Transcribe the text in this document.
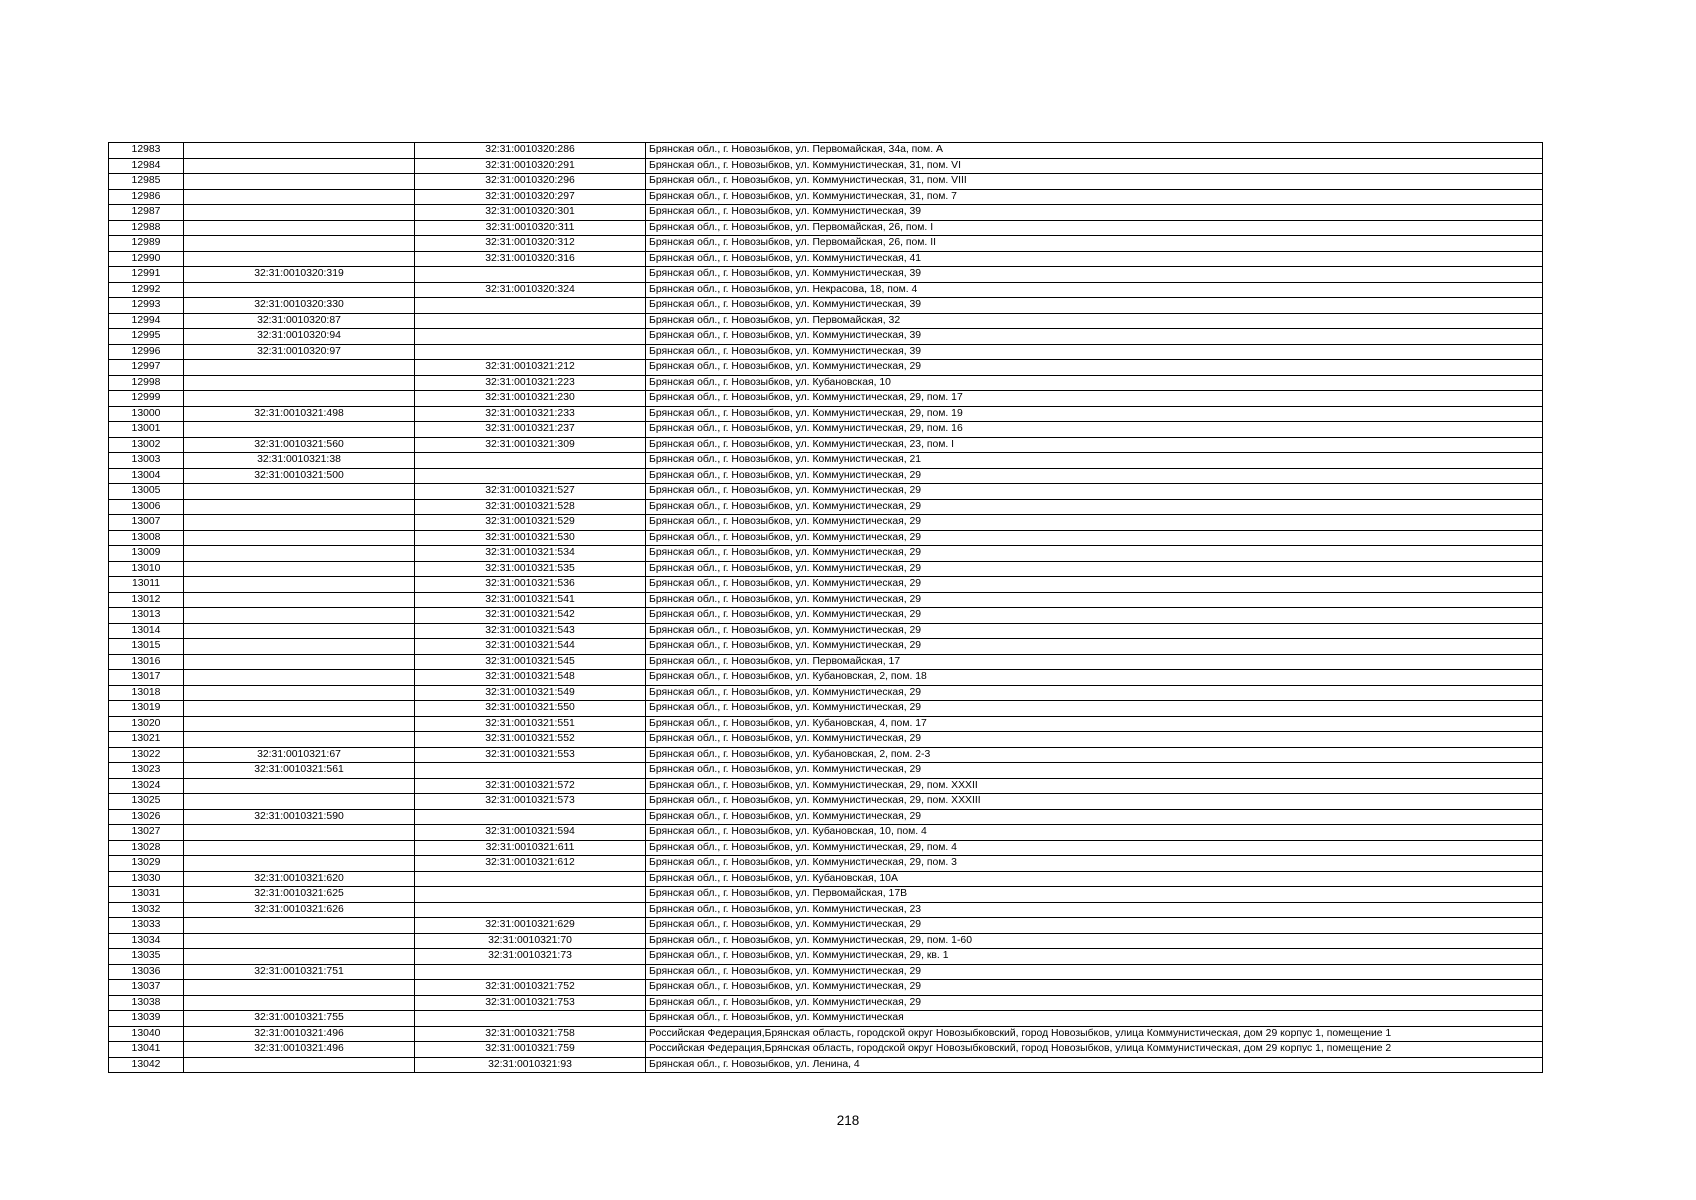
12983		32:31:0010320:286	Брянская обл., г. Новозыбков, ул. Первомайская, 34а, пом. А
12984		32:31:0010320:291	Брянская обл., г. Новозыбков, ул. Коммунистическая, 31, пом. VI
12985		32:31:0010320:296	Брянская обл., г. Новозыбков, ул. Коммунистическая, 31, пом. VIII
12986		32:31:0010320:297	Брянская обл., г. Новозыбков, ул. Коммунистическая, 31, пом. 7
12987		32:31:0010320:301	Брянская обл., г. Новозыбков, ул. Коммунистическая, 39
12988		32:31:0010320:311	Брянская обл., г. Новозыбков, ул. Первомайская, 26, пом. I
12989		32:31:0010320:312	Брянская обл., г. Новозыбков, ул. Первомайская, 26, пом. II
12990		32:31:0010320:316	Брянская обл., г. Новозыбков, ул. Коммунистическая, 41
12991	32:31:0010320:319		Брянская обл., г. Новозыбков, ул. Коммунистическая, 39
12992		32:31:0010320:324	Брянская обл., г. Новозыбков, ул. Некрасова, 18, пом. 4
12993	32:31:0010320:330		Брянская обл., г. Новозыбков, ул. Коммунистическая, 39
12994	32:31:0010320:87		Брянская обл., г. Новозыбков, ул. Первомайская, 32
12995	32:31:0010320:94		Брянская обл., г. Новозыбков, ул. Коммунистическая, 39
12996	32:31:0010320:97		Брянская обл., г. Новозыбков, ул. Коммунистическая, 39
12997		32:31:0010321:212	Брянская обл., г. Новозыбков, ул. Коммунистическая, 29
12998		32:31:0010321:223	Брянская обл., г. Новозыбков, ул. Кубановская, 10
12999		32:31:0010321:230	Брянская обл., г. Новозыбков, ул. Коммунистическая, 29, пом. 17
13000	32:31:0010321:498	32:31:0010321:233	Брянская обл., г. Новозыбков, ул. Коммунистическая, 29, пом. 19
13001		32:31:0010321:237	Брянская обл., г. Новозыбков, ул. Коммунистическая, 29, пом. 16
13002	32:31:0010321:560	32:31:0010321:309	Брянская обл., г. Новозыбков, ул. Коммунистическая, 23, пом. I
13003	32:31:0010321:38		Брянская обл., г. Новозыбков, ул. Коммунистическая, 21
13004	32:31:0010321:500		Брянская обл., г. Новозыбков, ул. Коммунистическая, 29
13005		32:31:0010321:527	Брянская обл., г. Новозыбков, ул. Коммунистическая, 29
13006		32:31:0010321:528	Брянская обл., г. Новозыбков, ул. Коммунистическая, 29
13007		32:31:0010321:529	Брянская обл., г. Новозыбков, ул. Коммунистическая, 29
13008		32:31:0010321:530	Брянская обл., г. Новозыбков, ул. Коммунистическая, 29
13009		32:31:0010321:534	Брянская обл., г. Новозыбков, ул. Коммунистическая, 29
13010		32:31:0010321:535	Брянская обл., г. Новозыбков, ул. Коммунистическая, 29
13011		32:31:0010321:536	Брянская обл., г. Новозыбков, ул. Коммунистическая, 29
13012		32:31:0010321:541	Брянская обл., г. Новозыбков, ул. Коммунистическая, 29
13013		32:31:0010321:542	Брянская обл., г. Новозыбков, ул. Коммунистическая, 29
13014		32:31:0010321:543	Брянская обл., г. Новозыбков, ул. Коммунистическая, 29
13015		32:31:0010321:544	Брянская обл., г. Новозыбков, ул. Коммунистическая, 29
13016		32:31:0010321:545	Брянская обл., г. Новозыбков, ул. Первомайская, 17
13017		32:31:0010321:548	Брянская обл., г. Новозыбков, ул. Кубановская, 2, пом. 18
13018		32:31:0010321:549	Брянская обл., г. Новозыбков, ул. Коммунистическая, 29
13019		32:31:0010321:550	Брянская обл., г. Новозыбков, ул. Коммунистическая, 29
13020		32:31:0010321:551	Брянская обл., г. Новозыбков, ул. Кубановская, 4, пом. 17
13021		32:31:0010321:552	Брянская обл., г. Новозыбков, ул. Коммунистическая, 29
13022	32:31:0010321:67	32:31:0010321:553	Брянская обл., г. Новозыбков, ул. Кубановская, 2, пом. 2-3
13023	32:31:0010321:561		Брянская обл., г. Новозыбков, ул. Коммунистическая, 29
13024		32:31:0010321:572	Брянская обл., г. Новозыбков, ул. Коммунистическая, 29, пом. XXXII
13025		32:31:0010321:573	Брянская обл., г. Новозыбков, ул. Коммунистическая, 29, пом. XXXIII
13026	32:31:0010321:590		Брянская обл., г. Новозыбков, ул. Коммунистическая, 29
13027		32:31:0010321:594	Брянская обл., г. Новозыбков, ул. Кубановская, 10, пом. 4
13028		32:31:0010321:611	Брянская обл., г. Новозыбков, ул. Коммунистическая, 29, пом. 4
13029		32:31:0010321:612	Брянская обл., г. Новозыбков, ул. Коммунистическая, 29, пом. 3
13030	32:31:0010321:620		Брянская обл., г. Новозыбков, ул. Кубановская, 10А
13031	32:31:0010321:625		Брянская обл., г. Новозыбков, ул. Первомайская, 17В
13032	32:31:0010321:626		Брянская обл., г. Новозыбков, ул. Коммунистическая, 23
13033		32:31:0010321:629	Брянская обл., г. Новозыбков, ул. Коммунистическая, 29
13034		32:31:0010321:70	Брянская обл., г. Новозыбков, ул. Коммунистическая, 29, пом. 1-60
13035		32:31:0010321:73	Брянская обл., г. Новозыбков, ул. Коммунистическая, 29, кв. 1
13036	32:31:0010321:751		Брянская обл., г. Новозыбков, ул. Коммунистическая, 29
13037		32:31:0010321:752	Брянская обл., г. Новозыбков, ул. Коммунистическая, 29
13038		32:31:0010321:753	Брянская обл., г. Новозыбков, ул. Коммунистическая, 29
13039	32:31:0010321:755		Брянская обл., г. Новозыбков, ул. Коммунистическая
13040	32:31:0010321:496	32:31:0010321:758	Российская Федерация,Брянская область, городской округ Новозыбковский, город Новозыбков, улица Коммунистическая, дом 29 корпус 1, помещение 1
13041	32:31:0010321:496	32:31:0010321:759	Российская Федерация,Брянская область, городской округ Новозыбковский, город Новозыбков, улица Коммунистическая, дом 29 корпус 1, помещение 2
13042		32:31:0010321:93	Брянская обл., г. Новозыбков, ул. Ленина, 4
218
